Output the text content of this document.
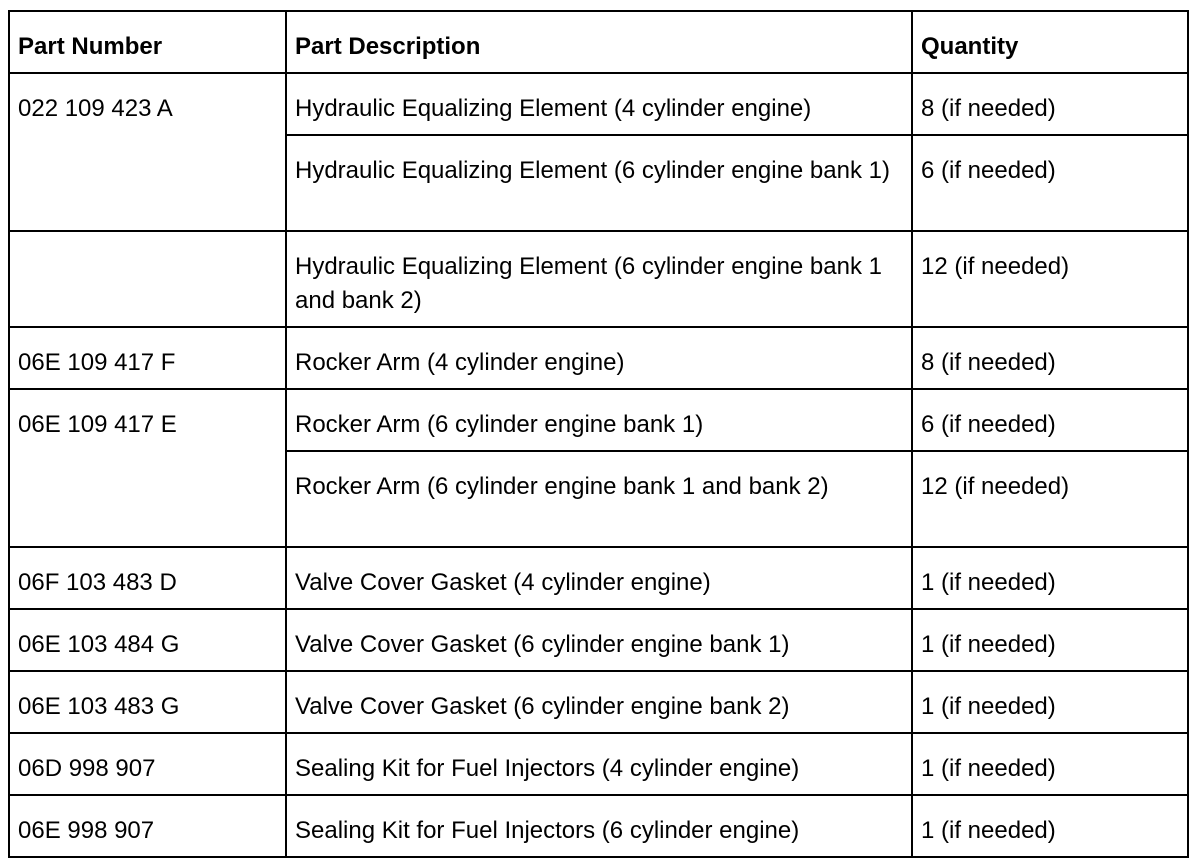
Part Number	Part Description	Quantity
022 109 423 A	Hydraulic Equalizing Element (4 cylinder engine)	8 (if needed)
	Hydraulic Equalizing Element (6 cylinder engine bank 1)	6 (if needed)
	Hydraulic Equalizing Element (6 cylinder engine bank 1 and bank 2)	12 (if needed)
06E 109 417 F	Rocker Arm (4 cylinder engine)	8 (if needed)
06E 109 417 E	Rocker Arm (6 cylinder engine bank 1)	6 (if needed)
	Rocker Arm (6 cylinder engine bank 1 and bank 2)	12 (if needed)
06F 103 483 D	Valve Cover Gasket (4 cylinder engine)	1 (if needed)
06E 103 484 G	Valve Cover Gasket (6 cylinder engine bank 1)	1 (if needed)
06E 103 483 G	Valve Cover Gasket (6 cylinder engine bank 2)	1 (if needed)
06D 998 907	Sealing Kit for Fuel Injectors (4 cylinder engine)	1 (if needed)
06E 998 907	Sealing Kit for Fuel Injectors (6 cylinder engine)	1 (if needed)
